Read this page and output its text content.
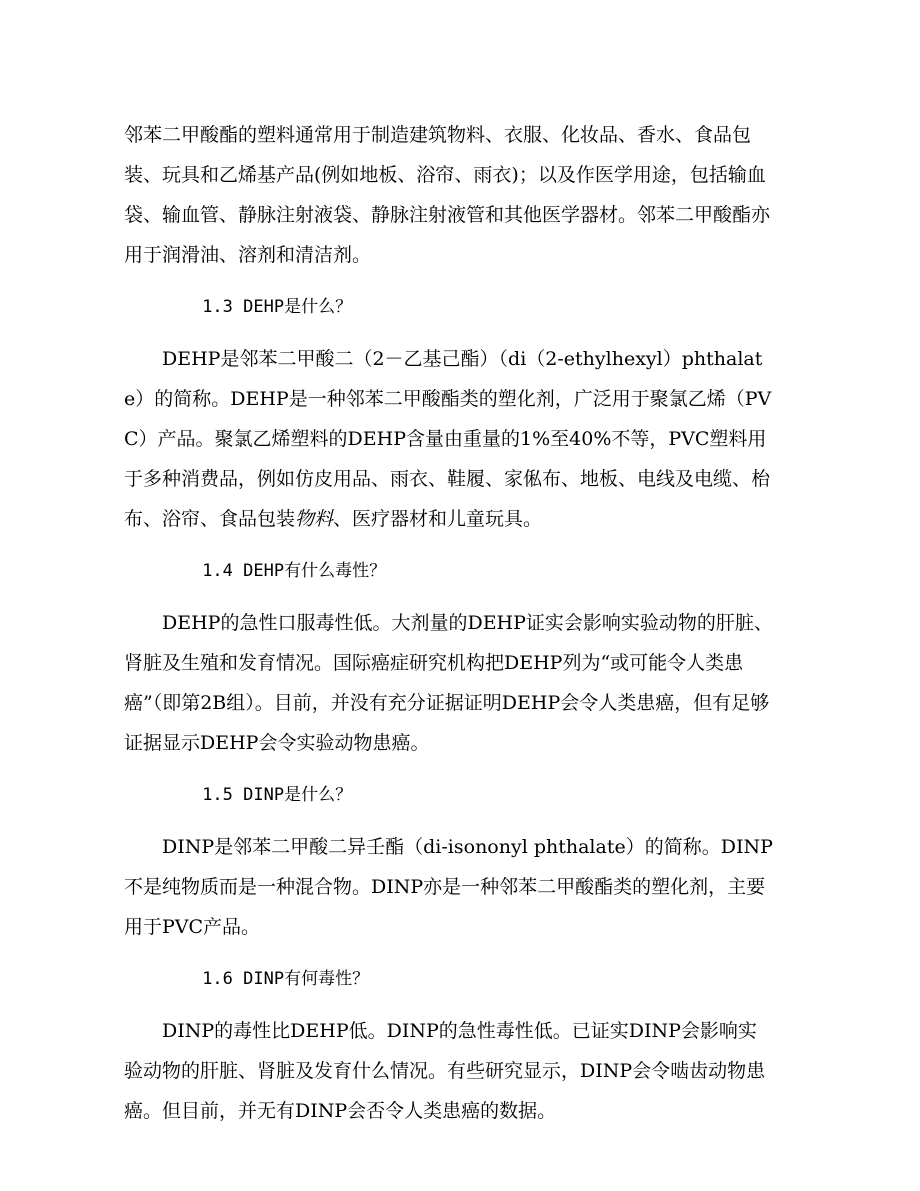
邻苯二甲酸酯的塑料通常用于制造建筑物料、衣服、化妆品、香水、食品包装、玩具和乙烯基产品(例如地板、浴帘、雨衣)；以及作医学用途，包括输血袋、输血管、静脉注射液袋、静脉注射液管和其他医学器材。邻苯二甲酸酯亦用于润滑油、溶剂和清洁剂。

1.3 DEHP是什么？

DEHP是邻苯二甲酸二（2－乙基己酯）（di（2-ethylhexyl）phthalate）的简称。DEHP是一种邻苯二甲酸酯类的塑化剂，广泛用于聚氯乙烯（PVC）产品。聚氯乙烯塑料的DEHP含量由重量的1%至40%不等，PVC塑料用于多种消费品，例如仿皮用品、雨衣、鞋履、家俬布、地板、电线及电缆、枱布、浴帘、食品包装物料、医疗器材和儿童玩具。

1.4 DEHP有什么毒性？

DEHP的急性口服毒性低。大剂量的DEHP证实会影响实验动物的肝脏、肾脏及生殖和发育情况。国际癌症研究机构把DEHP列为“或可能令人类患癌”（即第2B组）。目前，并没有充分证据证明DEHP会令人类患癌，但有足够证据显示DEHP会令实验动物患癌。

1.5 DINP是什么？

DINP是邻苯二甲酸二异壬酯（di-isononyl phthalate）的简称。DINP不是纯物质而是一种混合物。DINP亦是一种邻苯二甲酸酯类的塑化剂，主要用于PVC产品。

1.6 DINP有何毒性？

DINP的毒性比DEHP低。DINP的急性毒性低。已证实DINP会影响实验动物的肝脏、肾脏及发育什么情况。有些研究显示，DINP会令啮齿动物患癌。但目前，并无有DINP会否令人类患癌的数据。
